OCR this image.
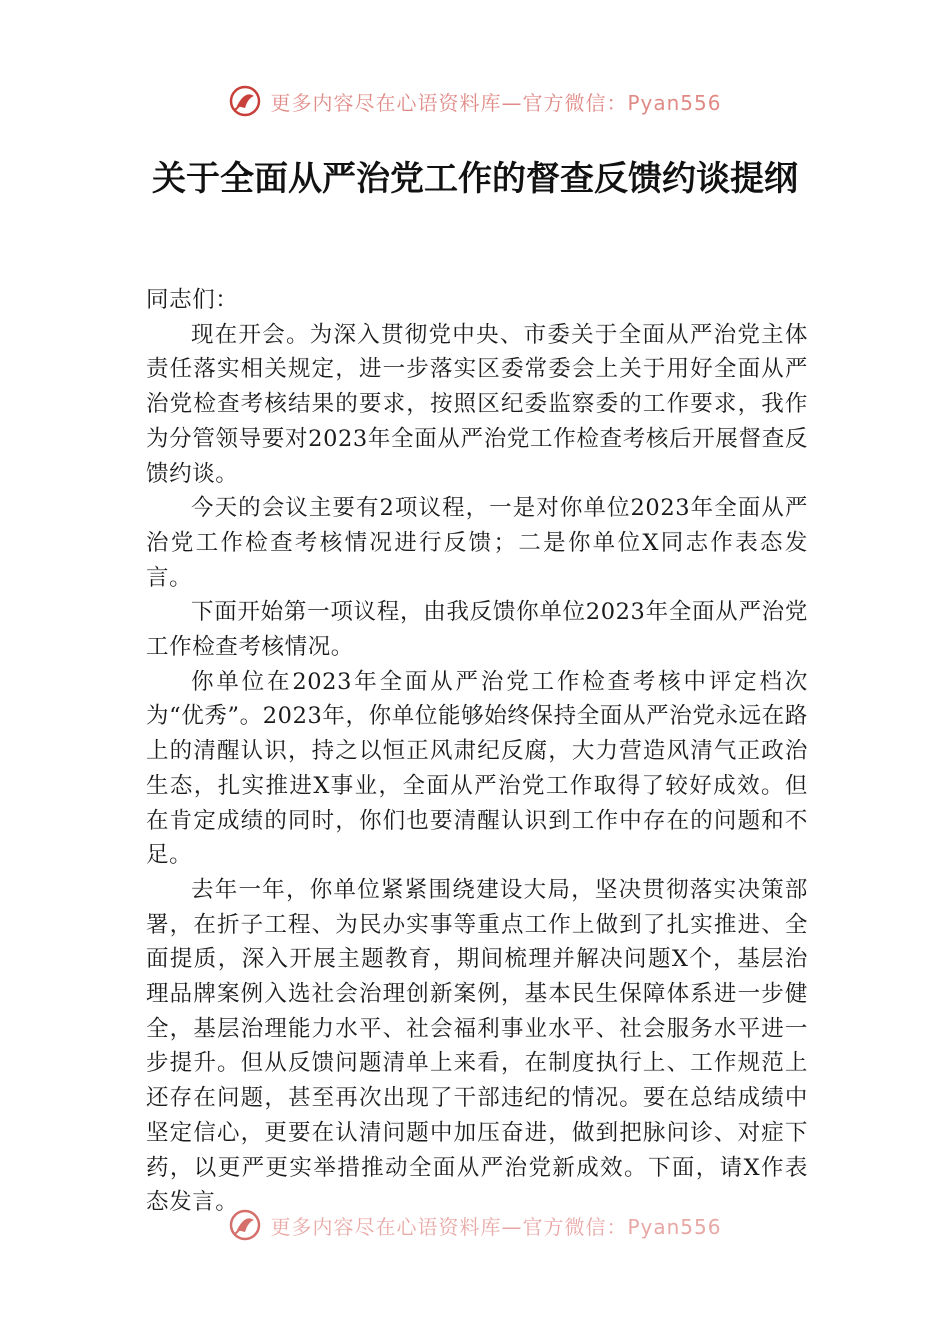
更多内容尽在心语资料库—官方微信：Pyan556
关于全面从严治党工作的督查反馈约谈提纲

同志们：

现在开会。为深入贯彻党中央、市委关于全面从严治党主体责任落实相关规定，进一步落实区委常委会上关于用好全面从严治党检查考核结果的要求，按照区纪委监察委的工作要求，我作为分管领导要对2023年全面从严治党工作检查考核后开展督查反馈约谈。

今天的会议主要有2项议程，一是对你单位2023年全面从严治党工作检查考核情况进行反馈；二是你单位X同志作表态发言。

下面开始第一项议程，由我反馈你单位2023年全面从严治党工作检查考核情况。

你单位在2023年全面从严治党工作检查考核中评定档次为“优秀”。2023年，你单位能够始终保持全面从严治党永远在路上的清醒认识，持之以恒正风肃纪反腐，大力营造风清气正政治生态，扎实推进X事业，全面从严治党工作取得了较好成效。但在肯定成绩的同时，你们也要清醒认识到工作中存在的问题和不足。

去年一年，你单位紧紧围绕建设大局，坚决贯彻落实决策部署，在折子工程、为民办实事等重点工作上做到了扎实推进、全面提质，深入开展主题教育，期间梳理并解决问题X个，基层治理品牌案例入选社会治理创新案例，基本民生保障体系进一步健全，基层治理能力水平、社会福利事业水平、社会服务水平进一步提升。但从反馈问题清单上来看，在制度执行上、工作规范上还存在问题，甚至再次出现了干部违纪的情况。要在总结成绩中坚定信心，更要在认清问题中加压奋进，做到把脉问诊、对症下药，以更严更实举措推动全面从严治党新成效。下面，请X作表态发言。

更多内容尽在心语资料库—官方微信：Pyan556
